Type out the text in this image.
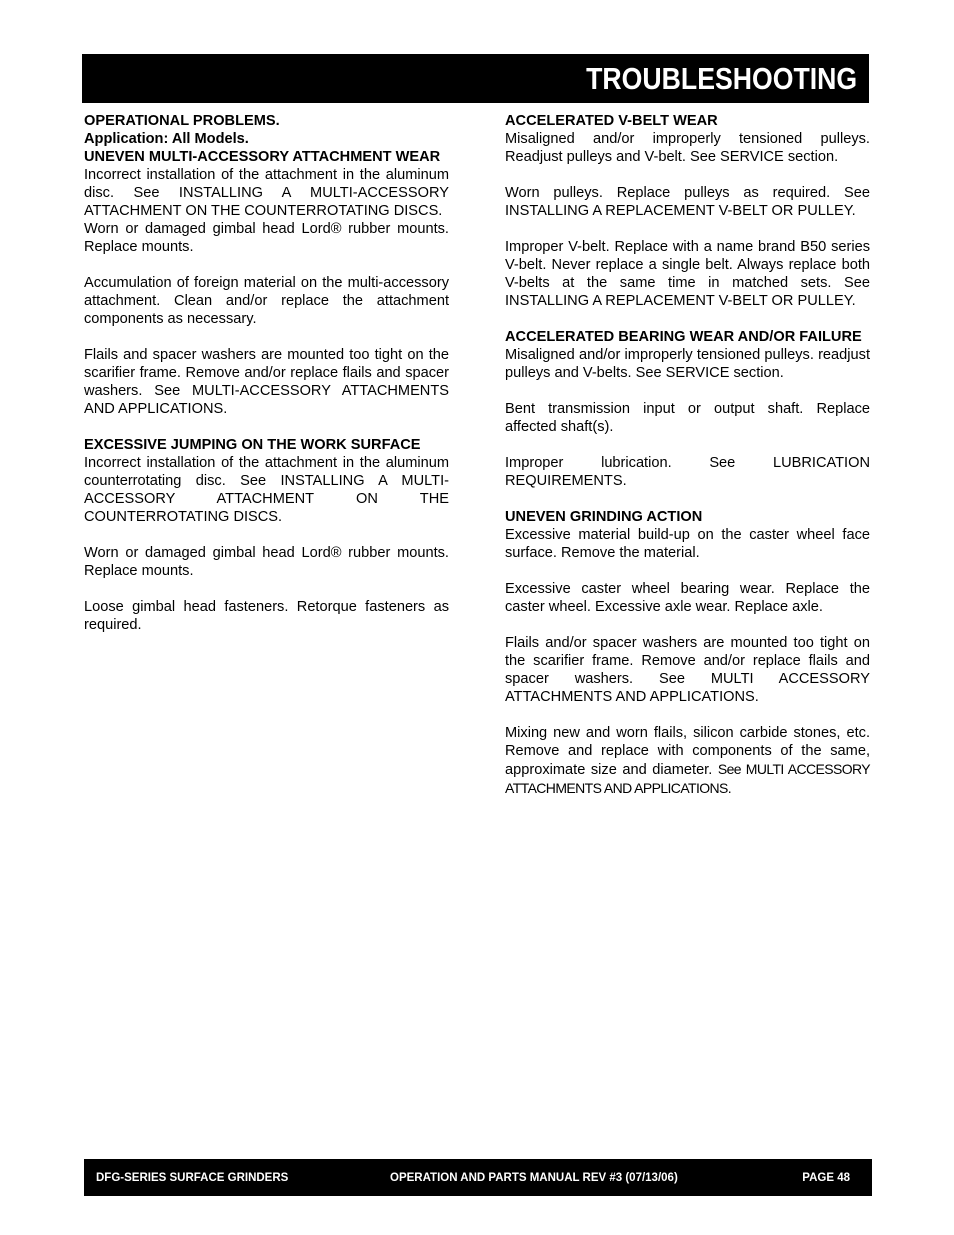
TROUBLESHOOTING

OPERATIONAL PROBLEMS.

Application: All Models.

UNEVEN MULTI-ACCESSORY ATTACHMENT WEAR

Incorrect installation of the attachment in the aluminum disc. See INSTALLING A MULTI-ACCESSORY ATTACHMENT ON THE COUNTERROTATING DISCS.

Worn or damaged gimbal head Lord® rubber mounts. Replace mounts.

Accumulation of foreign material on the multi-accessory attachment. Clean and/or replace the attachment components as necessary.

Flails and spacer washers are mounted too tight on the scarifier frame. Remove and/or replace flails and spacer washers. See MULTI-ACCESSORY ATTACHMENTS AND APPLICATIONS.

EXCESSIVE JUMPING ON THE WORK SURFACE

Incorrect installation of the attachment in the aluminum counterrotating disc. See INSTALLING A MULTI- ACCESSORY ATTACHMENT ON THE COUNTERROTATING DISCS.

Worn or damaged gimbal head Lord® rubber mounts. Replace mounts.

Loose gimbal head fasteners. Retorque fasteners as required.

ACCELERATED V-BELT WEAR

Misaligned and/or improperly tensioned pulleys. Readjust pulleys and V-belt. See SERVICE section.

Worn pulleys. Replace pulleys as required. See INSTALLING A REPLACEMENT V-BELT OR PULLEY.

Improper V-belt. Replace with a name brand B50 series V-belt. Never replace a single belt. Always replace both V-belts at the same time in matched sets. See INSTALLING A REPLACEMENT V-BELT OR PULLEY.

ACCELERATED BEARING WEAR AND/OR FAILURE

Misaligned and/or improperly tensioned pulleys. readjust pulleys and V-belts. See SERVICE section.

Bent transmission input or output shaft. Replace affected shaft(s).

Improper lubrication. See LUBRICATION REQUIREMENTS.

UNEVEN GRINDING ACTION

Excessive material build-up on the caster wheel face surface. Remove the material.

Excessive caster wheel bearing wear. Replace the caster wheel. Excessive axle wear. Replace axle.

Flails and/or spacer washers are mounted too tight on the scarifier frame. Remove and/or replace flails and spacer washers. See MULTI ACCESSORY ATTACHMENTS AND APPLICATIONS.

Mixing new and worn flails, silicon carbide stones, etc. Remove and replace with components of the same, approximate size and diameter. See MULTI ACCESSORY ATTACHMENTS AND APPLICATIONS.

DFG-SERIES SURFACE GRINDERS	OPERATION AND PARTS MANUAL REV #3 (07/13/06)	PAGE 48
